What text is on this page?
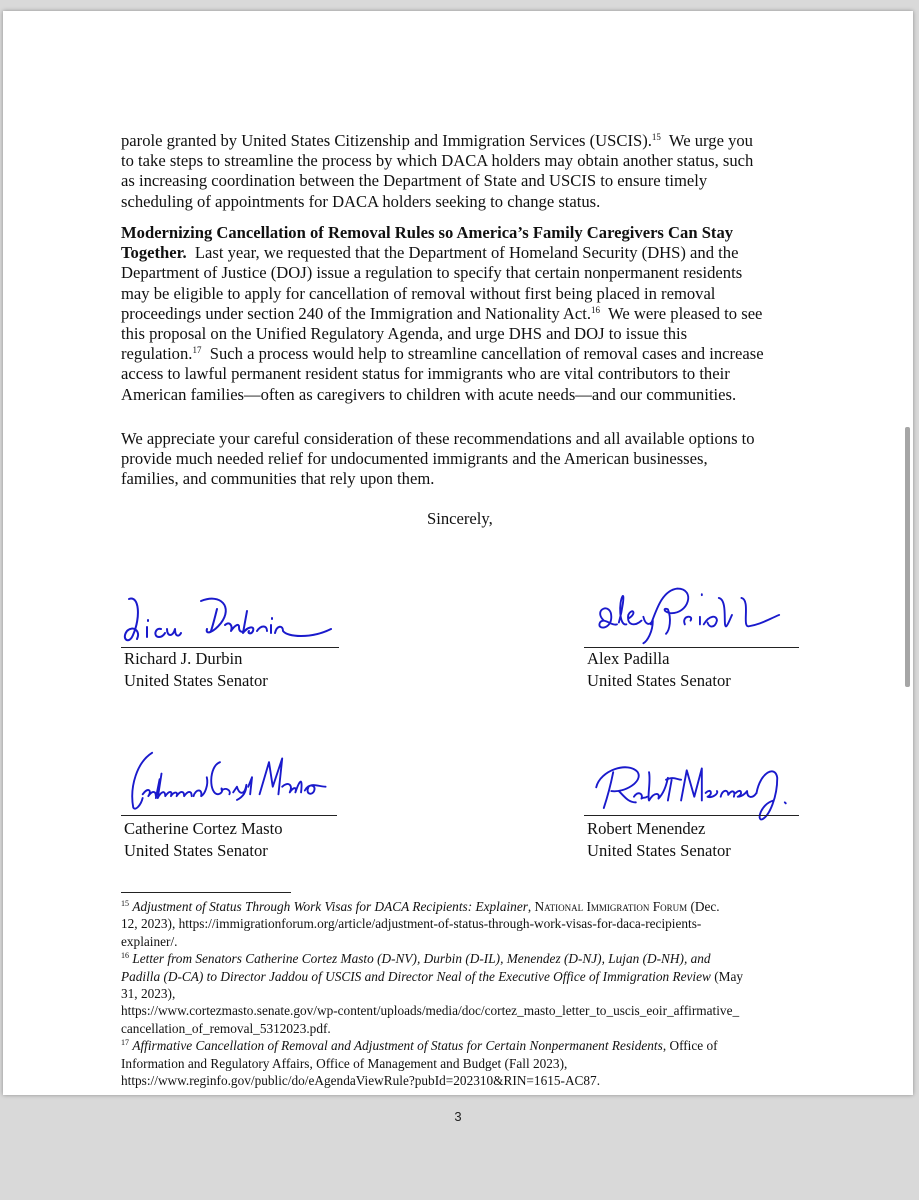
parole granted by United States Citizenship and Immigration Services (USCIS).$^{15}$  We urge you
to take steps to streamline the process by which DACA holders may obtain another status, such
as increasing coordination between the Department of State and USCIS to ensure timely
scheduling of appointments for DACA holders seeking to change status.
Modernizing Cancellation of Removal Rules so America’s Family Caregivers Can Stay
Together.  Last year, we requested that the Department of Homeland Security (DHS) and the
Department of Justice (DOJ) issue a regulation to specify that certain nonpermanent residents
may be eligible to apply for cancellation of removal without first being placed in removal
proceedings under section 240 of the Immigration and Nationality Act.$^{16}$  We were pleased to see
this proposal on the Unified Regulatory Agenda, and urge DHS and DOJ to issue this
regulation.$^{17}$  Such a process would help to streamline cancellation of removal cases and increase
access to lawful permanent resident status for immigrants who are vital contributors to their
American families—often as caregivers to children with acute needs—and our communities.
We appreciate your careful consideration of these recommendations and all available options to
provide much needed relief for undocumented immigrants and the American businesses,
families, and communities that rely upon them.
Sincerely,
Richard J. Durbin
United States Senator
Alex Padilla
United States Senator
Catherine Cortez Masto
United States Senator
Robert Menendez
United States Senator
$^{15}$ Adjustment of Status Through Work Visas for DACA Recipients: Explainer, National Immigration Forum (Dec.
12, 2023), https://immigrationforum.org/article/adjustment-of-status-through-work-visas-for-daca-recipients-
explainer/.
$^{16}$ Letter from Senators Catherine Cortez Masto (D-NV), Durbin (D-IL), Menendez (D-NJ), Lujan (D-NH), and
Padilla (D-CA) to Director Jaddou of USCIS and Director Neal of the Executive Office of Immigration Review (May
31, 2023),
https://www.cortezmasto.senate.gov/wp-content/uploads/media/doc/cortez_masto_letter_to_uscis_eoir_affirmative_
cancellation_of_removal_5312023.pdf.
$^{17}$ Affirmative Cancellation of Removal and Adjustment of Status for Certain Nonpermanent Residents, Office of
Information and Regulatory Affairs, Office of Management and Budget (Fall 2023),
https://www.reginfo.gov/public/do/eAgendaViewRule?pubId=202310&RIN=1615-AC87.
3
